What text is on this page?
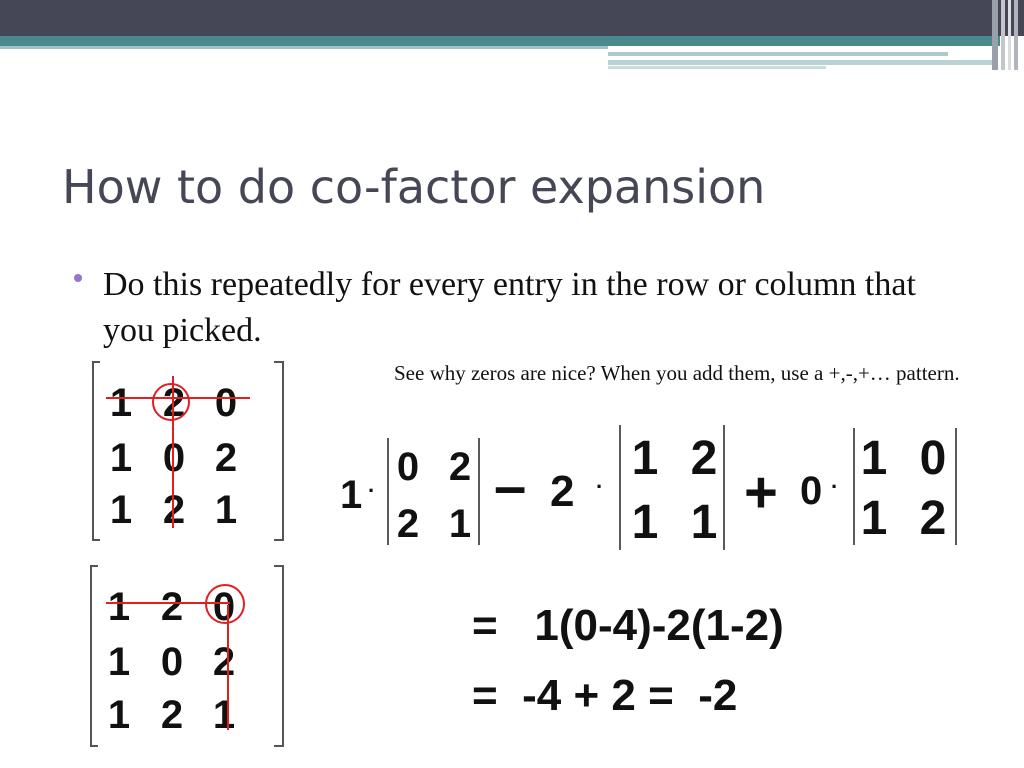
How to do co-factor expansion
Do this repeatedly for every entry in the row or column that you picked.
See why zeros are nice? When you add them, use a +,-,+… pattern.
1 2 0
1 0 2
1 2 1
1 2 0
1 0 2
1 2 1
1 ·
0 2
2 1
– 2 ·
1 2
1 1 + 0 ·
1 0
1 2
=   1(0-4)-2(1-2)
=  -4 + 2 =  -2
